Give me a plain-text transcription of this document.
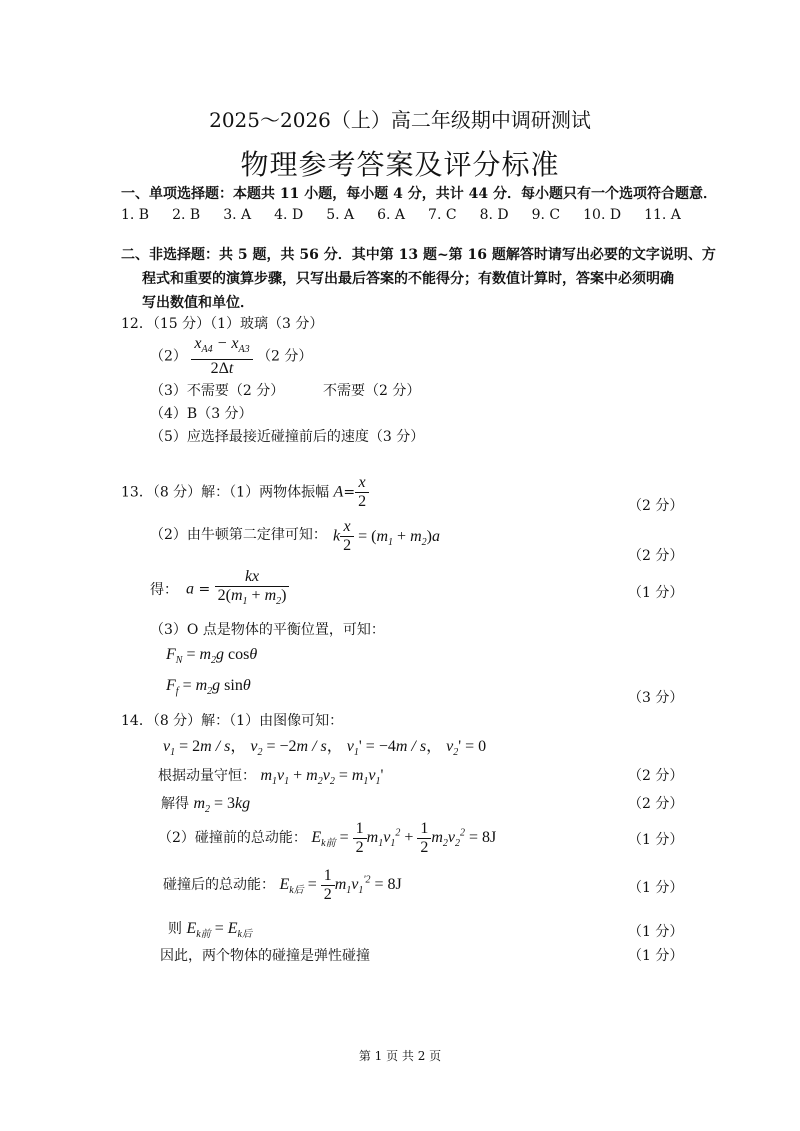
2025～2026（上）高二年级期中调研测试
物理参考答案及评分标准
一、单项选择题：本题共 11 小题，每小题 4 分，共计 44 分．每小题只有一个选项符合题意．
1. B 2. B 3. A 4. D 5. A 6. A 7. C 8. D 9. C 10. D 11. A
二、非选择题：共 5 题，共 56 分．其中第 13 题~第 16 题解答时请写出必要的文字说明、方
程式和重要的演算步骤，只写出最后答案的不能得分；有数值计算时，答案中必须明确
写出数值和单位．
12．（15 分）（1）玻璃（3 分）
$(2) \frac{x_{A4} - x_{A3}}{2\Delta t} (2$ 分）
（3）不需要（2 分）	不需要（2 分）
（4）B（3 分）
（5）应选择最接近碰撞前后的速度（3 分）
13．（8 分）解：（1）两物体振幅 $A= \frac{x}{2}$	（2 分）
（2）由牛顿第二定律可知： k $\frac{x}{2} = (m_1 + m_2)a$
（2 分）
得： $a = \frac{kx}{2(m_1 + m_2)}$	（1 分）
（3）O 点是物体的平衡位置，可知：
$F_N = m_2g$ cosθ
$F_f = m_2g$ sinθ
（3 分）
14．（8 分）解：（1）由图像可知：
$v_1 = 2m / s$， $v_2 = -2m / s$， $v_1' = -4m / s$， $v_2' = 0$
根据动量守恒： $m_1v_1 + m_2v_2 = m_1v_1'$	（2 分）
解得 $m_2 = 3kg$	（2 分）
（2）碰撞前的总动能： $E_{k前} = \frac{1}{2} m_1v_1^2 + \frac{1}{2} m_2v_2^2 = 8J$	（1 分）
碰撞后的总动能： $E_{k后} = \frac{1}{2} m_1v_1^{'2} = 8J$	（1 分）
则 $E_{k前} = E_{k后}$	（1 分）
因此，两个物体的碰撞是弹性碰撞	（1 分）
第 1 页 共 2 页
